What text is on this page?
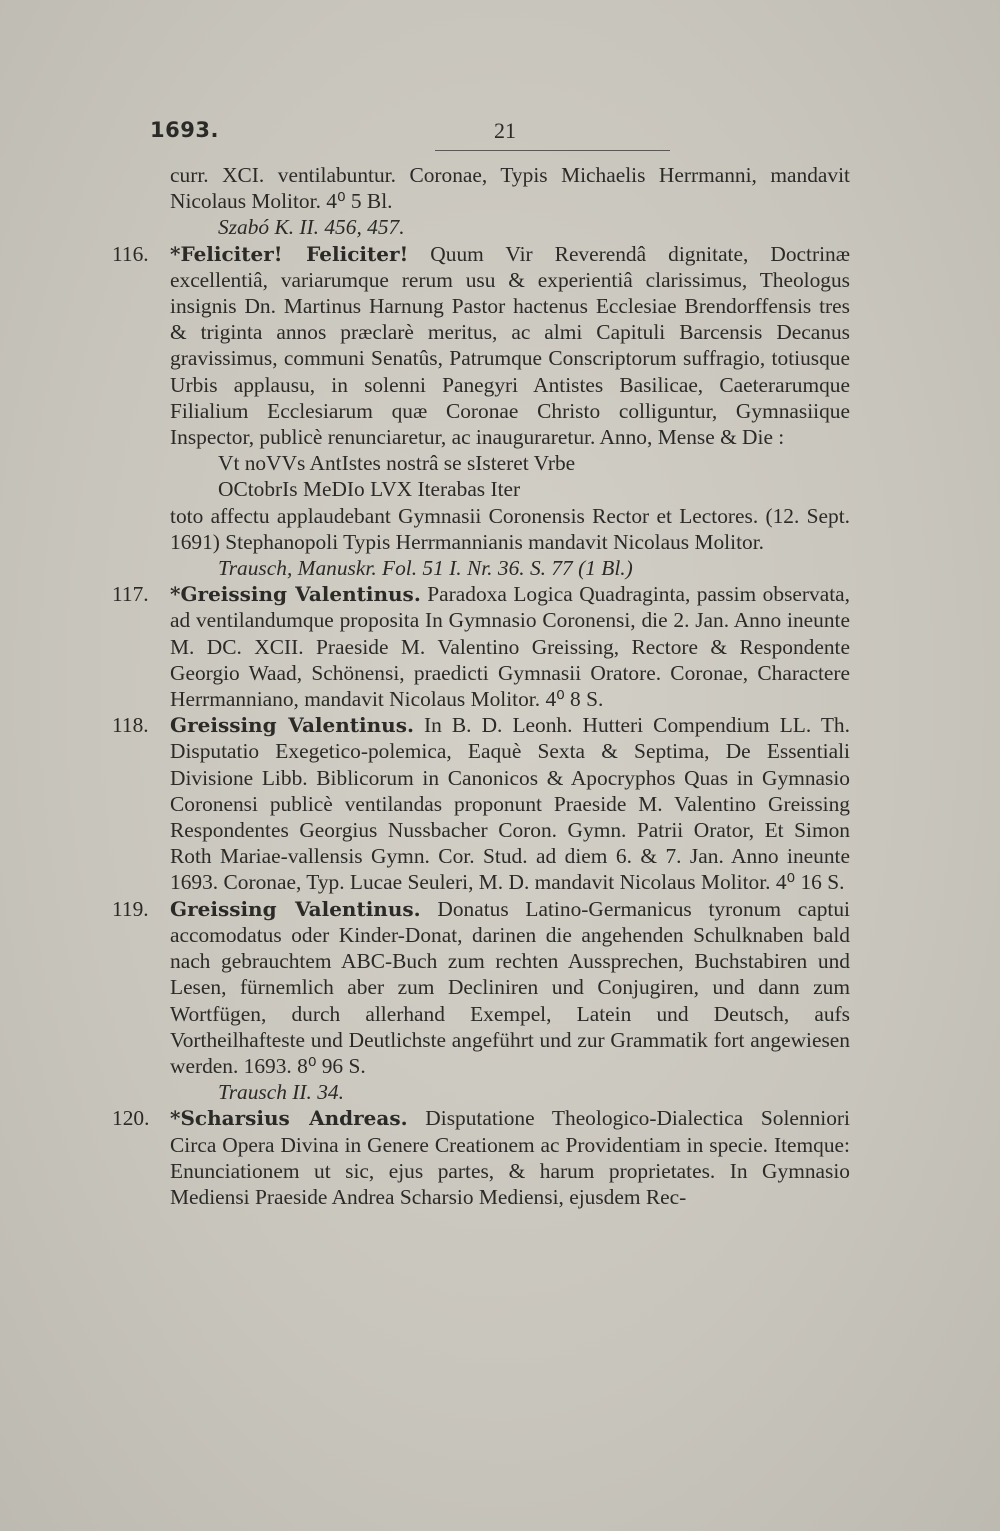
1693.	21
curr. XCI. ventilabuntur. Coronae, Typis Michaelis Herrmanni, mandavit Nicolaus Molitor. 4⁰ 5 Bl.
Szabó K. II. 456, 457.
116. *Feliciter! Feliciter! Quum Vir Reverendâ dignitate, Doctrinæ excellentiâ, variarumque rerum usu & experientiâ clarissimus, Theologus insignis Dn. Martinus Harnung Pastor hactenus Ecclesiae Brendorffensis tres & triginta annos præclarè meritus, ac almi Capituli Barcensis Decanus gravissimus, communi Senatûs, Patrumque Conscriptorum suffragio, totiusque Urbis applausu, in solenni Panegyri Antistes Basilicae, Caeterarumque Filialium Ecclesiarum quæ Coronae Christo colliguntur, Gymnasiique Inspector, publicè renunciaretur, ac inauguraretur. Anno, Mense & Die :
Vt noVVs AntIstes nostrâ se sIsteret Vrbe
OCtobrIs MeDIo LVX Iterabas Iter
toto affectu applaudebant Gymnasii Coronensis Rector et Lectores. (12. Sept. 1691) Stephanopoli Typis Herrmannianis mandavit Nicolaus Molitor.
Trausch, Manuskr. Fol. 51 I. Nr. 36. S. 77 (1 Bl.)
117. *Greissing Valentinus. Paradoxa Logica Quadraginta, passim observata, ad ventilandumque proposita In Gymnasio Coronensi, die 2. Jan. Anno ineunte M. DC. XCII. Praeside M. Valentino Greissing, Rectore & Respondente Georgio Waad, Schönensi, praedicti Gymnasii Oratore. Coronae, Charactere Herrmanniano, mandavit Nicolaus Molitor. 4⁰ 8 S.
118. Greissing Valentinus. In B. D. Leonh. Hutteri Compendium LL. Th. Disputatio Exegetico-polemica, Eaquè Sexta & Septima, De Essentiali Divisione Libb. Biblicorum in Canonicos & Apocryphos Quas in Gymnasio Coronensi publicè ventilandas proponunt Praeside M. Valentino Greissing Respondentes Georgius Nussbacher Coron. Gymn. Patrii Orator, Et Simon Roth Mariae-vallensis Gymn. Cor. Stud. ad diem 6. & 7. Jan. Anno ineunte 1693. Coronae, Typ. Lucae Seuleri, M. D. mandavit Nicolaus Molitor. 4⁰ 16 S.
119. Greissing Valentinus. Donatus Latino-Germanicus tyronum captui accomodatus oder Kinder-Donat, darinen die angehenden Schulknaben bald nach gebrauchtem ABC-Buch zum rechten Aussprechen, Buchstabiren und Lesen, fürnemlich aber zum Decliniren und Conjugiren, und dann zum Wortfügen, durch allerhand Exempel, Latein und Deutsch, aufs Vortheilhafteste und Deutlichste angeführt und zur Grammatik fort angewiesen werden. 1693. 8⁰ 96 S.
Trausch II. 34.
120. *Scharsius Andreas. Disputatione Theologico-Dialectica Solenniori Circa Opera Divina in Genere Creationem ac Providentiam in specie. Itemque: Enunciationem ut sic, ejus partes, & harum proprietates. In Gymnasio Mediensi Praeside Andrea Scharsio Mediensi, ejusdem Rec-
